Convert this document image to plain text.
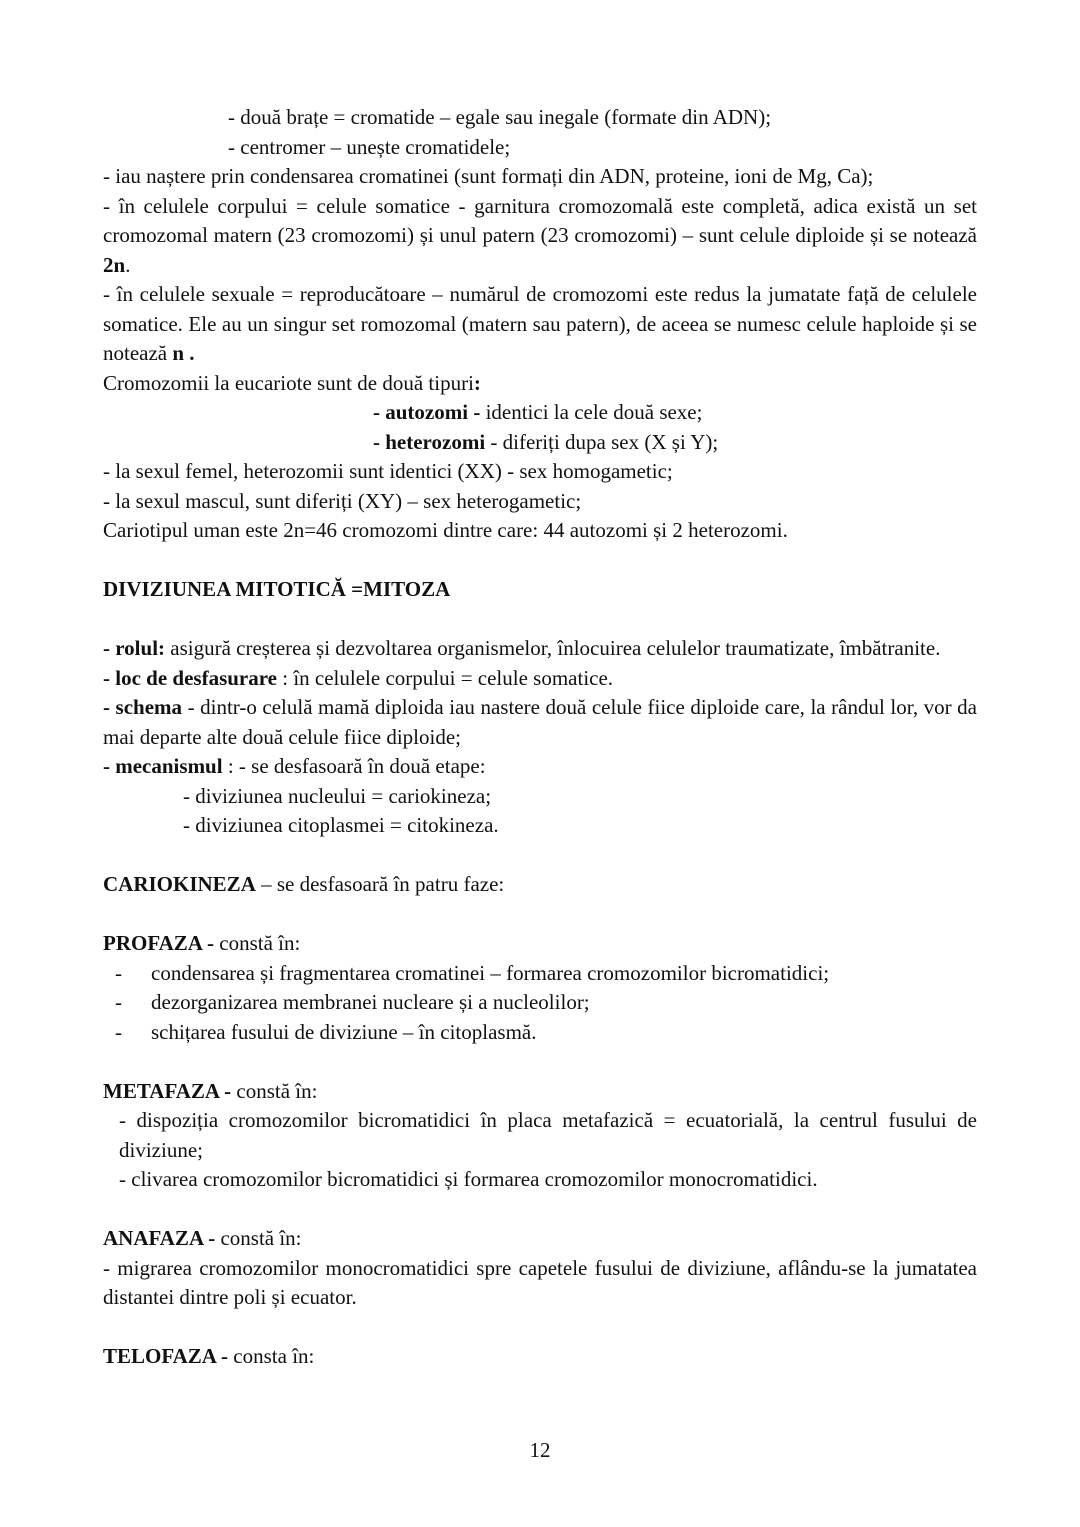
- două brațe = cromatide – egale sau inegale (formate din ADN);

- centromer – unește cromatidele;

- iau naștere prin condensarea cromatinei (sunt formați din ADN, proteine, ioni de Mg, Ca);

- în celulele corpului = celule somatice - garnitura cromozomală este completă, adica există un set cromozomal matern (23 cromozomi) și unul patern (23 cromozomi) – sunt celule diploide și se notează 2n.

- în celulele sexuale = reproducătoare – numărul de cromozomi este redus la jumatate față de celulele somatice. Ele au un singur set romozomal (matern sau patern), de aceea se numesc celule haploide și se notează n .

Cromozomii la eucariote sunt de două tipuri:

- autozomi - identici la cele două sexe;

- heterozomi - diferiți dupa sex (X și Y);

- la sexul femel, heterozomii sunt identici (XX) - sex homogametic;

- la sexul mascul, sunt diferiți (XY) – sex heterogametic;

Cariotipul uman este 2n=46 cromozomi dintre care: 44 autozomi și 2 heterozomi.

DIVIZIUNEA MITOTICĂ =MITOZA

- rolul: asigură creșterea și dezvoltarea organismelor, înlocuirea celulelor traumatizate, îmbătranite.

- loc de desfasurare : în celulele corpului = celule somatice.

- schema - dintr-o celulă mamă diploida iau nastere două celule fiice diploide care, la rândul lor, vor da mai departe alte două celule fiice diploide;

- mecanismul : - se desfasoară în două etape:

- diviziunea nucleului = cariokineza;

- diviziunea citoplasmei = citokineza.

CARIOKINEZA – se desfasoară în patru faze:

PROFAZA - constă în:

- condensarea și fragmentarea cromatinei – formarea cromozomilor bicromatidici;
- dezorganizarea membranei nucleare și a nucleolilor;
- schițarea fusului de diviziune – în citoplasmă.

METAFAZA - constă în:

- dispoziția cromozomilor bicromatidici în placa metafazică = ecuatorială, la centrul fusului de diviziune;

- clivarea cromozomilor bicromatidici și formarea cromozomilor monocromatidici.

ANAFAZA - constă în:

- migrarea cromozomilor monocromatidici spre capetele fusului de diviziune, aflându-se la jumatatea distantei dintre poli și ecuator.

TELOFAZA - consta în:

12
